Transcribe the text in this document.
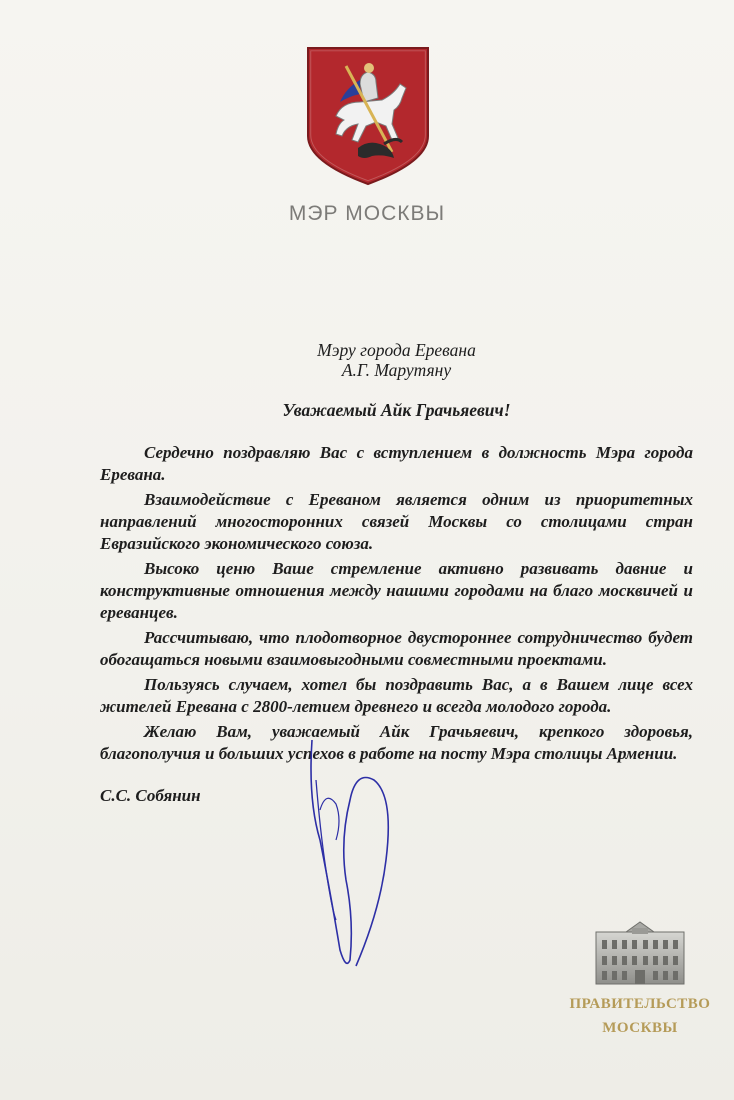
МЭР МОСКВЫ
Мэру города Еревана
А.Г. Марутяну
Уважаемый Айк Грачьяевич!

Сердечно поздравляю Вас с вступлением в должность Мэра города Еревана.

Взаимодействие с Ереваном является одним из приоритетных направлений многосторонних связей Москвы со столицами стран Евразийского экономического союза.

Высоко ценю Ваше стремление активно развивать давние и конструктивные отношения между нашими городами на благо москвичей и ереванцев.

Рассчитываю, что плодотворное двустороннее сотрудничество будет обогащаться новыми взаимовыгодными совместными проектами.

Пользуясь случаем, хотел бы поздравить Вас, а в Вашем лице всех жителей Еревана с 2800-летием древнего и всегда молодого города.

Желаю Вам, уважаемый Айк Грачьяевич, крепкого здоровья, благополучия и больших успехов в работе на посту Мэра столицы Армении.

С.С. Собянин
ПРАВИТЕЛЬСТВО
МОСКВЫ
